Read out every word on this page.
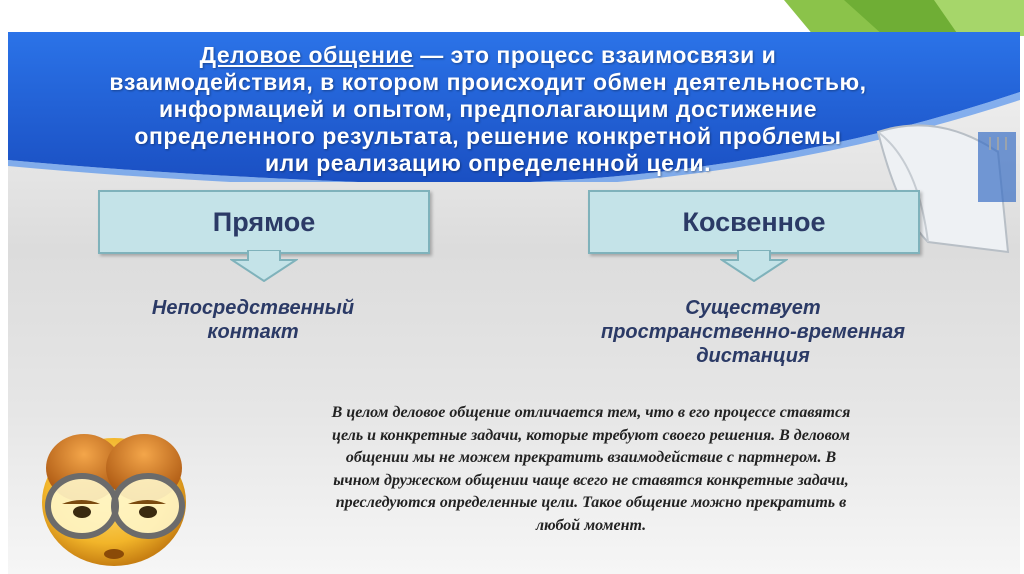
Деловое общение — это процесс взаимосвязи и
взаимодействия, в котором происходит обмен деятельностью,
информацией и опытом, предполагающим достижение
определенного результата, решение конкретной проблемы
или реализацию определенной цели.
Прямое	Косвенное
Непосредственный
контакт
Существует
пространственно-временная
дистанция
В целом деловое общение отличается тем, что в его процессе ставятся
цель и конкретные задачи, которые требуют своего решения. В деловом
общении мы не можем прекратить взаимодействие с партнером. В
ычном дружеском общении чаще всего не ставятся конкретные задачи,
преследуются определенные цели. Такое общение можно прекратить в
любой момент.
